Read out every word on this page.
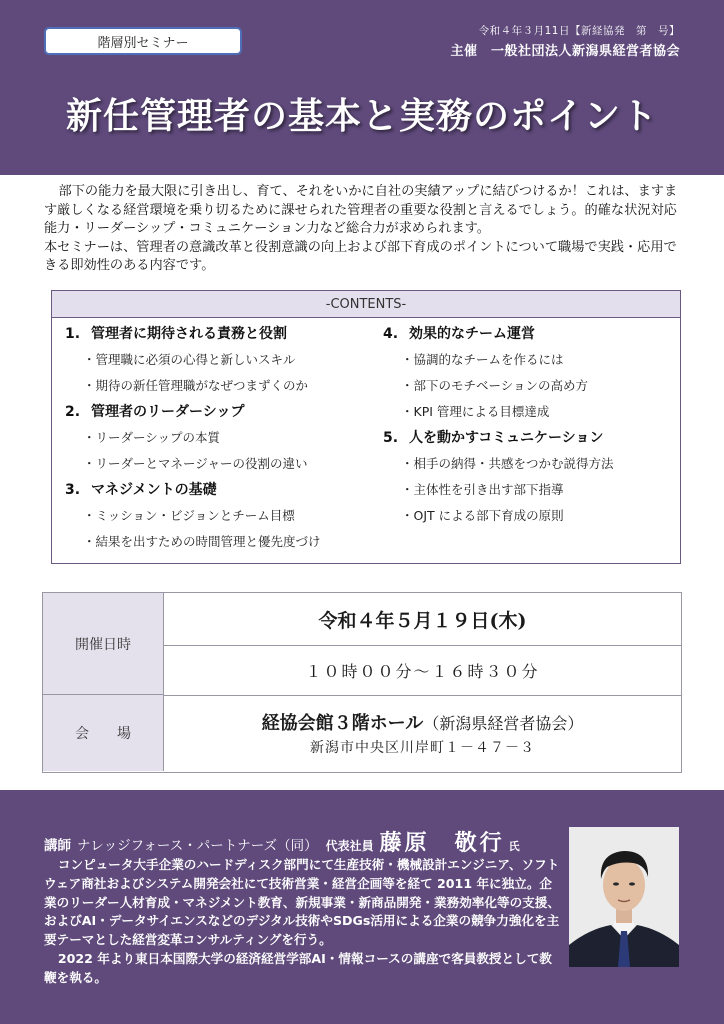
階層別セミナー
令和４年３月11日【新経協発　第　号】
主催　一般社団法人新潟県経営者協会
新任管理者の基本と実務のポイント

部下の能力を最大限に引き出し、育て、それをいかに自社の実績アップに結びつけるか！これは、ますます厳しくなる経営環境を乗り切るために課せられた管理者の重要な役割と言えるでしょう。的確な状況対応能力・リーダーシップ・コミュニケーション力など総合力が求められます。

本セミナーは、管理者の意識改革と役割意識の向上および部下育成のポイントについて職場で実践・応用できる即効性のある内容です。

-CONTENTS-
1. 管理者に期待される責務と役割
・管理職に必須の心得と新しいスキル
・期待の新任管理職がなぜつまずくのか
2. 管理者のリーダーシップ
・リーダーシップの本質
・リーダーとマネージャーの役割の違い
3. マネジメントの基礎
・ミッション・ビジョンとチーム目標
・結果を出すための時間管理と優先度づけ
4. 効果的なチーム運営
・協調的なチームを作るには
・部下のモチベーションの高め方
・KPI 管理による目標達成
5. 人を動かすコミュニケーション
・相手の納得・共感をつかむ説得方法
・主体性を引き出す部下指導
・OJT による部下育成の原則
開催日時
会　　場
令和４年５月１９日(木)
１０時００分～１６時３０分
経協会館３階ホール（新潟県経営者協会）
新潟市中央区川岸町１－４７－３
講師 ナレッジフォース・パートナーズ（同） 代表社員 藤原　敬行 氏

コンピュータ大手企業のハードディスク部門にて生産技術・機械設計エンジニア、ソフトウェア商社およびシステム開発会社にて技術営業・経営企画等を経て 2011 年に独立。企業のリーダー人材育成・マネジメント教育、新規事業・新商品開発・業務効率化等の支援、およびAI・データサイエンスなどのデジタル技術やSDGs活用による企業の競争力強化を主要テーマとした経営変革コンサルティングを行う。

2022 年より東日本国際大学の経済経営学部AI・情報コースの講座で客員教授として教鞭を執る。
